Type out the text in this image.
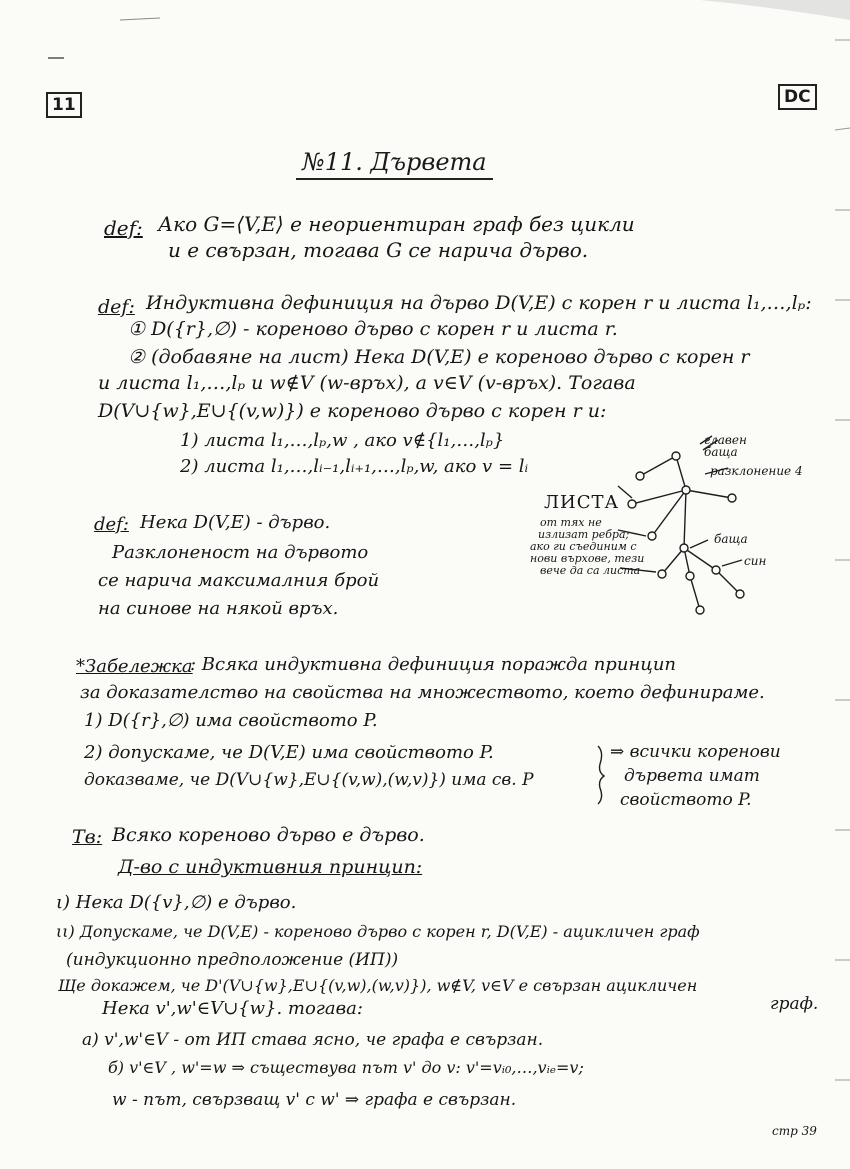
11	DC
№11. Дървета
def: Ако G=⟨V,E⟩ е неориентиран граф без цикли
и е свързан, тогава G се нарича дърво.
def: Индуктивна дефиниция на дърво D(V,E) с корен r и листа l₁,…,lₚ:
① D({r},∅) - кореново дърво с корен r и листа r.
② (добавяне на лист) Нека D(V,E) е кореново дърво с корен r
и листа l₁,…,lₚ и w∉V (w-връх), а v∈V (v-връх). Тогава
D(V∪{w},E∪{(v,w)}) е кореново дърво с корен r и:
1) листа l₁,…,lₚ,w , ако v∉{l₁,…,lₚ}
2) листа l₁,…,lᵢ₋₁,lᵢ₊₁,…,lₚ,w, ако v = lᵢ
главен баща
разклонение 4
ЛИСТА
от тях не
излизат ребра;
ако ги съединим с
нови върхове, тези
вече да са листа
баща
син
def: Нека D(V,E) - дърво.
Разклоненост на дървото
се нарича максималния брой
на синове на някой връх.
*Забележка
: Всяка индуктивна дефиниция поражда принцип
за доказателство на свойства на множеството, което дефинираме.
1) D({r},∅) има свойството P.
2) допускаме, че D(V,E) има свойството P.
доказваме, че D(V∪{w},E∪{(v,w),(w,v)}) има св. P
⇒ всички коренови
дървета имат
свойството P.
Тв: Всяко кореново дърво е дърво.
Д-во с индуктивния принцип:
ι) Нека D({v},∅) е дърво.
ιι) Допускаме, че D(V,E) - кореново дърво с корен r, D(V,E) - ацикличен граф
(индукционно предположение (ИП))
Ще докажем, че D'(V∪{w},E∪{(v,w),(w,v)}), w∉V, v∈V е свързан ацикличен
граф.
Нека v',w'∈V∪{w}. тогава:
а) v',w'∈V - от ИП става ясно, че графа е свързан.
б) v'∈V , w'=w ⇒ съществува път v' до v: v'=vᵢ₀,…,vᵢₑ=v;
w - път, свързващ v' с w' ⇒ графа е свързан.
стр 39
